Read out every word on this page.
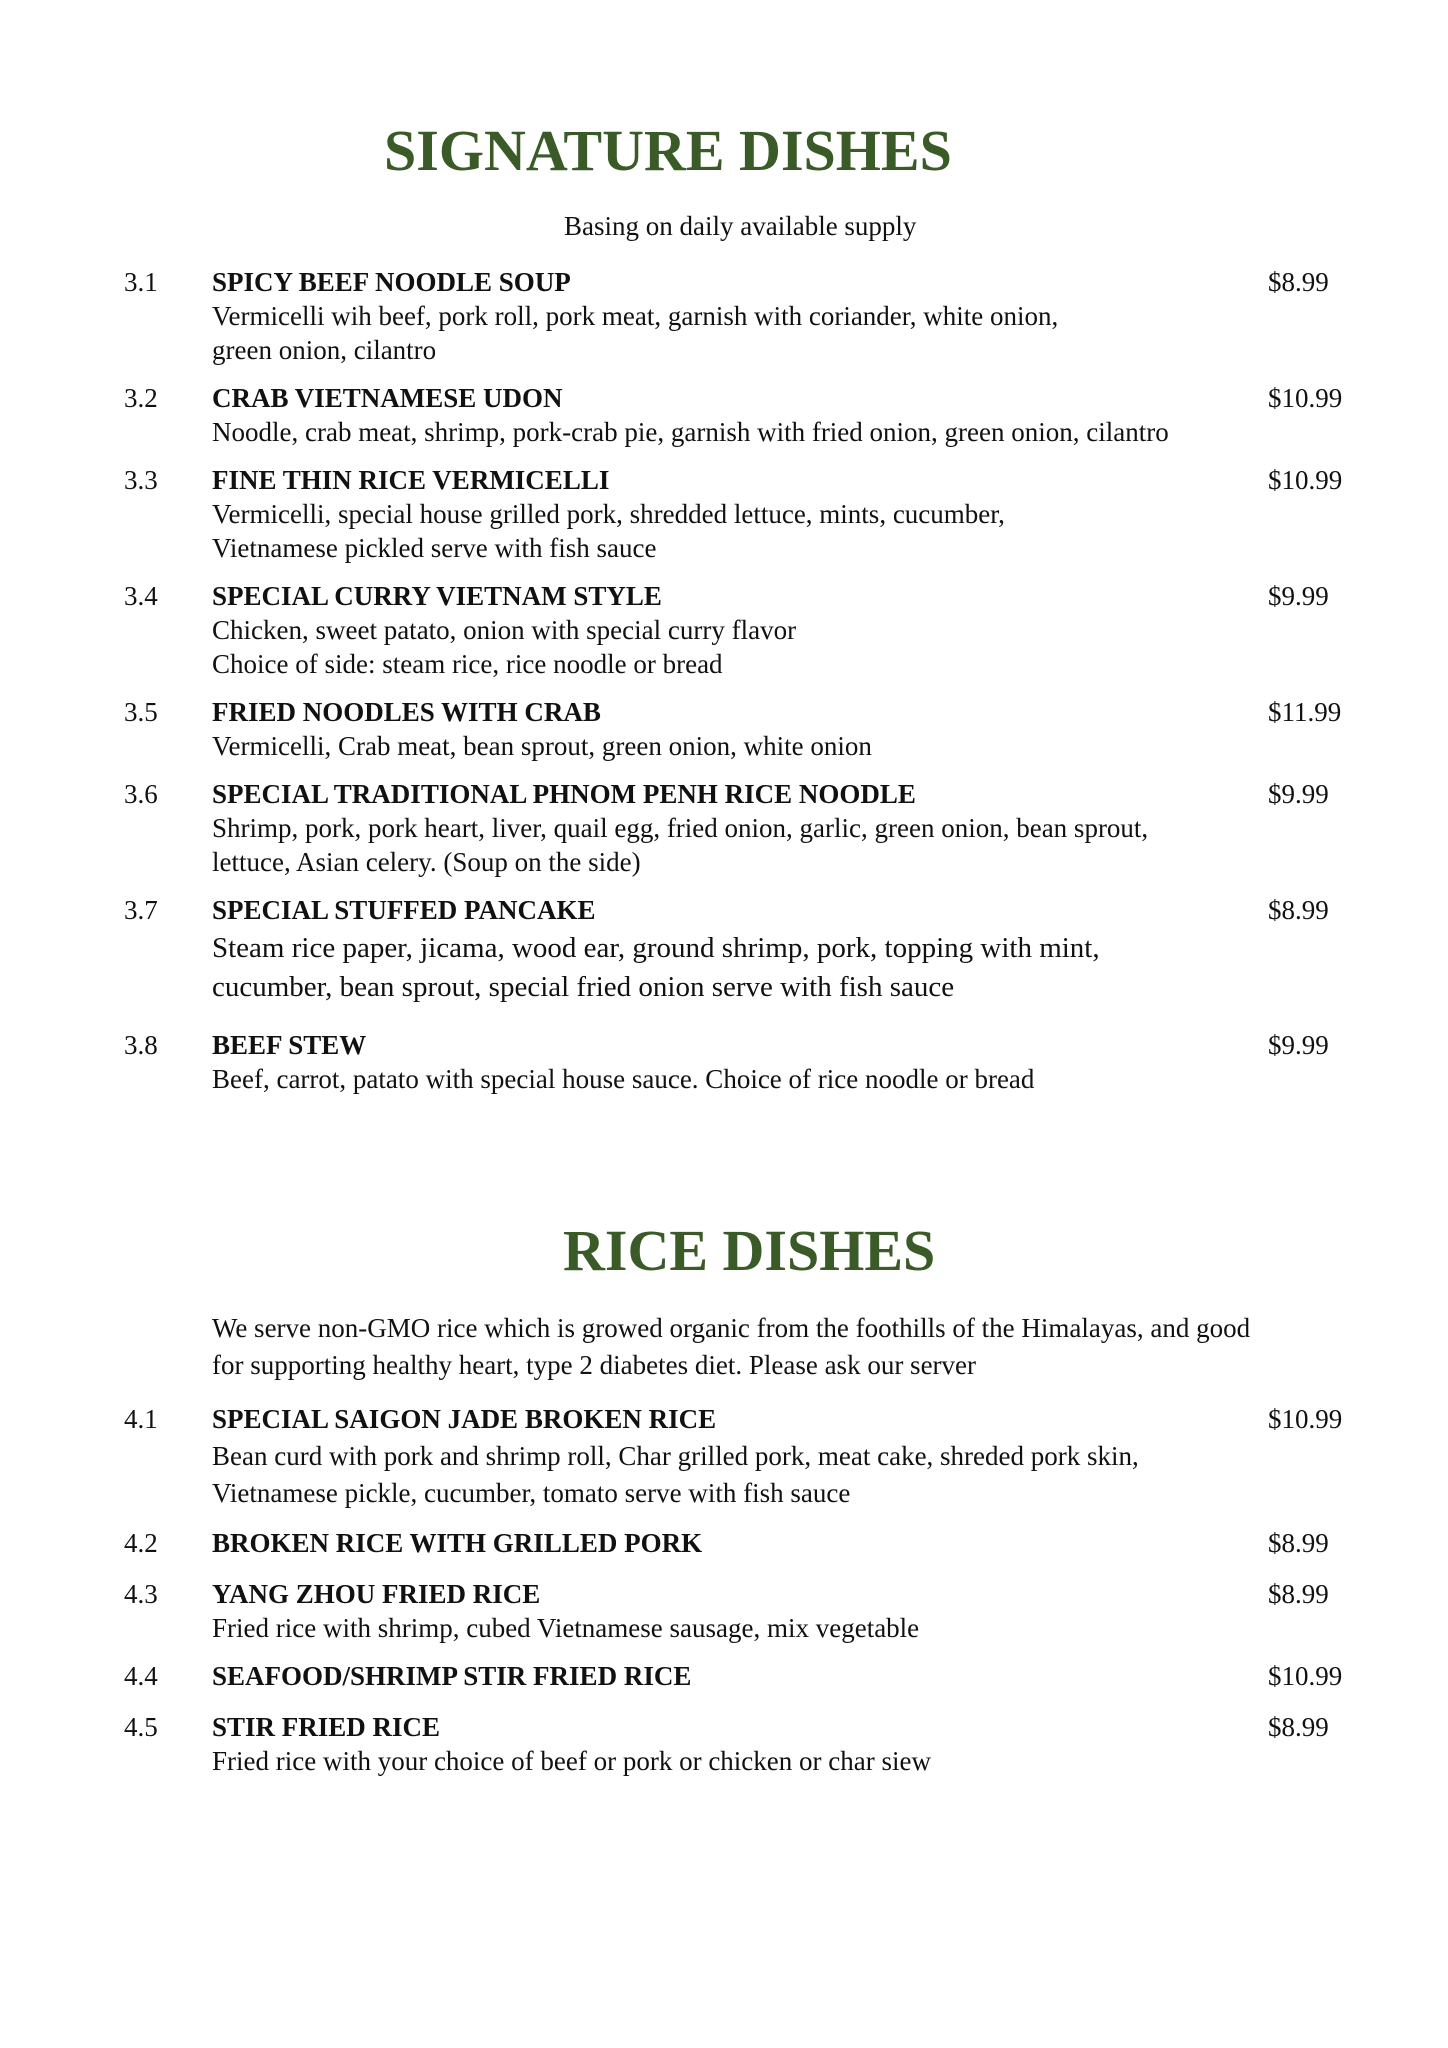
SIGNATURE DISHES
Basing on daily available supply
3.1 SPICY BEEF NOODLE SOUP	$8.99
Vermicelli wih beef, pork roll, pork meat, garnish with coriander, white onion,
green onion, cilantro
3.2 CRAB VIETNAMESE UDON	$10.99
Noodle, crab meat, shrimp, pork-crab pie, garnish with fried onion, green onion, cilantro
3.3 FINE THIN RICE VERMICELLI	$10.99
Vermicelli, special house grilled pork, shredded lettuce, mints, cucumber,
Vietnamese pickled serve with fish sauce
3.4 SPECIAL CURRY VIETNAM STYLE	$9.99
Chicken, sweet patato, onion with special curry flavor
Choice of side: steam rice, rice noodle or bread
3.5 FRIED NOODLES WITH CRAB	$11.99
Vermicelli, Crab meat, bean sprout, green onion, white onion
3.6 SPECIAL TRADITIONAL PHNOM PENH RICE NOODLE	$9.99
Shrimp, pork, pork heart, liver, quail egg, fried onion, garlic, green onion, bean sprout,
lettuce, Asian celery. (Soup on the side)
3.7 SPECIAL STUFFED PANCAKE	$8.99
Steam rice paper, jicama, wood ear, ground shrimp, pork, topping with mint,
cucumber, bean sprout, special fried onion serve with fish sauce
3.8 BEEF STEW	$9.99
Beef, carrot, patato with special house sauce. Choice of rice noodle or bread
RICE DISHES
We serve non-GMO rice which is growed organic from the foothills of the Himalayas, and good
for supporting healthy heart, type 2 diabetes diet. Please ask our server
4.1 SPECIAL SAIGON JADE BROKEN RICE	$10.99
Bean curd with pork and shrimp roll, Char grilled pork, meat cake, shreded pork skin,
Vietnamese pickle, cucumber, tomato serve with fish sauce
4.2 BROKEN RICE WITH GRILLED PORK	$8.99
4.3 YANG ZHOU FRIED RICE	$8.99
Fried rice with shrimp, cubed Vietnamese sausage, mix vegetable
4.4 SEAFOOD/SHRIMP STIR FRIED RICE	$10.99
4.5 STIR FRIED RICE	$8.99
Fried rice with your choice of beef or pork or chicken or char siew
